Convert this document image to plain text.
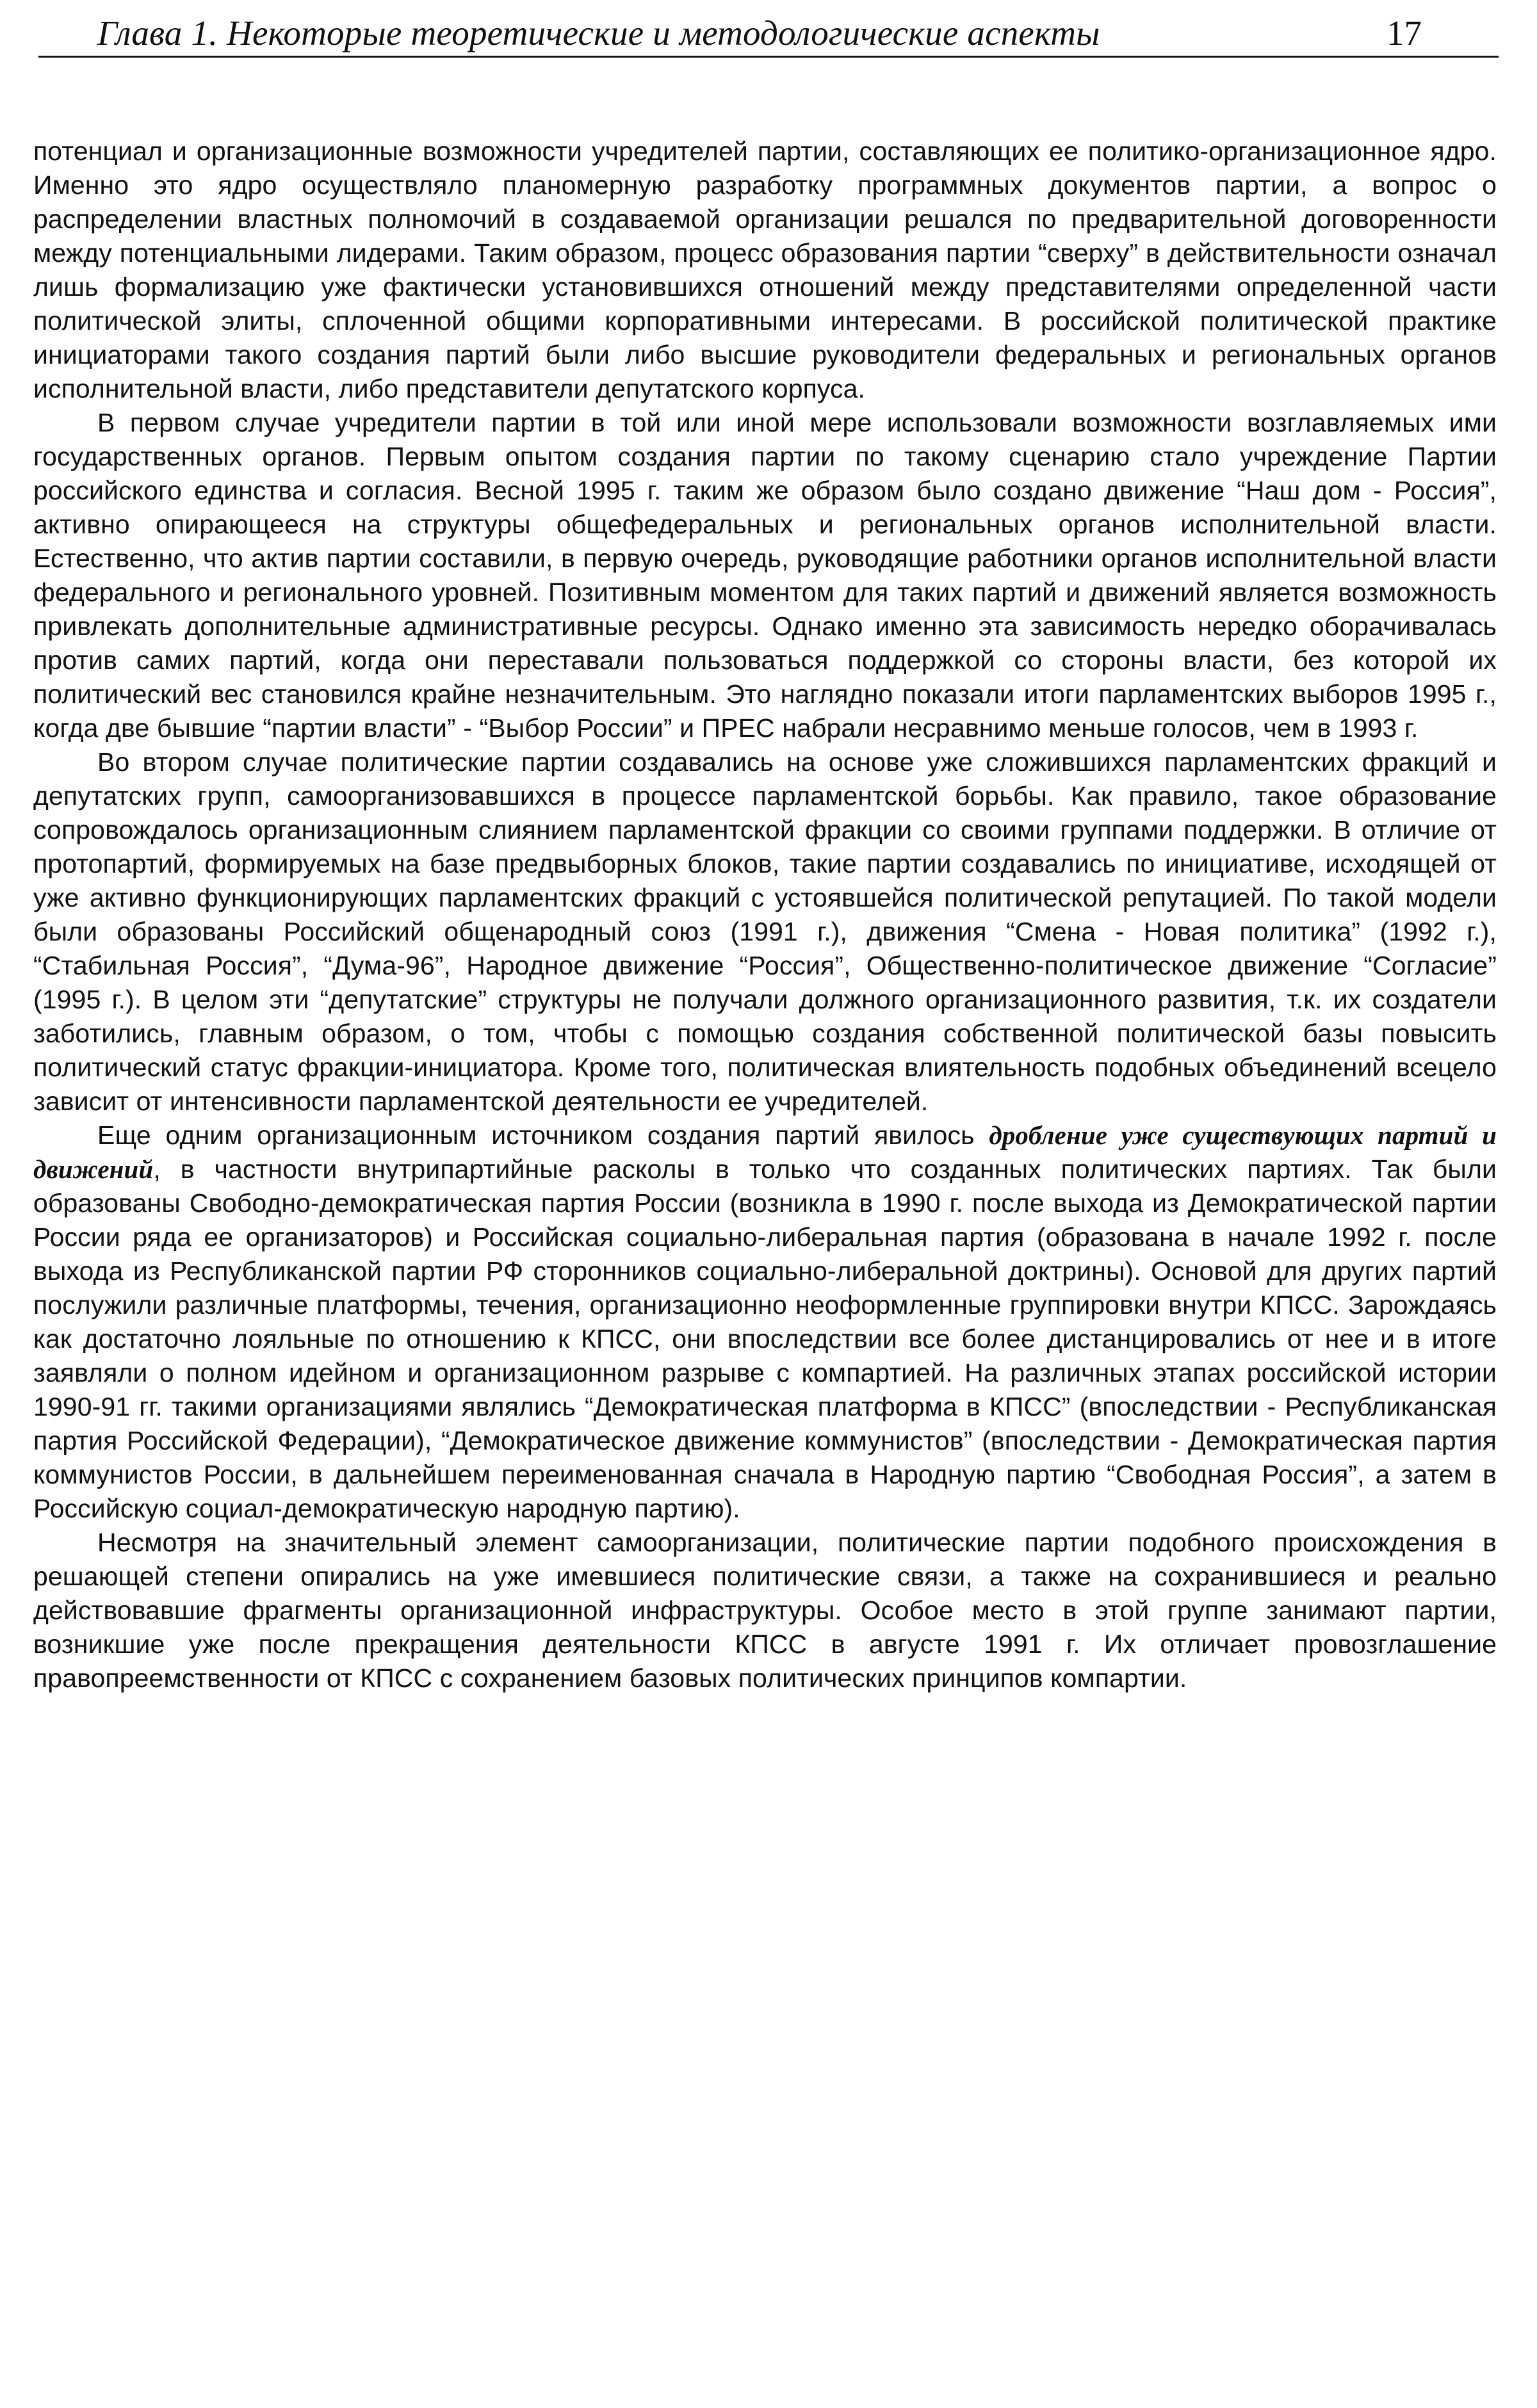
Глава 1. Некоторые теоретические и методологические аспекты	17

потенциал и организационные возможности учредителей партии, составляющих ее политико-организационное ядро. Именно это ядро осуществляло планомерную разработку программных документов партии, а вопрос о распределении властных полномочий в создаваемой организации решался по предварительной договоренности между потенциальными лидерами. Таким образом, процесс образования партии “сверху” в действительности означал лишь формализацию уже фактически установившихся отношений между представителями определенной части политической элиты, сплоченной общими корпоративными интересами. В российской политической практике инициаторами такого создания партий были либо высшие руководители федеральных и региональных органов исполнительной власти, либо представители депутатского корпуса.

В первом случае учредители партии в той или иной мере использовали возможности возглавляемых ими государственных органов. Первым опытом создания партии по такому сценарию стало учреждение Партии российского единства и согласия. Весной 1995 г. таким же образом было создано движение “Наш дом - Россия”, активно опирающееся на структуры общефедеральных и региональных органов исполнительной власти. Естественно, что актив партии составили, в первую очередь, руководящие работники органов исполнительной власти федерального и регионального уровней. Позитивным моментом для таких партий и движений является возможность привлекать дополнительные административные ресурсы. Однако именно эта зависимость нередко оборачивалась против самих партий, когда они переставали пользоваться поддержкой со стороны власти, без которой их политический вес становился крайне незначительным. Это наглядно показали итоги парламентских выборов 1995 г., когда две бывшие “партии власти” - “Выбор России” и ПРЕС набрали несравнимо меньше голосов, чем в 1993 г.

Во втором случае политические партии создавались на основе уже сложившихся парламентских фракций и депутатских групп, самоорганизовавшихся в процессе парламентской борьбы. Как правило, такое образование сопровождалось организационным слиянием парламентской фракции со своими группами поддержки. В отличие от протопартий, формируемых на базе предвыборных блоков, такие партии создавались по инициативе, исходящей от уже активно функционирующих парламентских фракций с устоявшейся политической репутацией. По такой модели были образованы Российский общенародный союз (1991 г.), движения “Смена - Новая политика” (1992 г.), “Стабильная Россия”, “Дума-96”, Народное движение “Россия”, Общественно-политическое движение “Согласие” (1995 г.). В целом эти “депутатские” структуры не получали должного организационного развития, т.к. их создатели заботились, главным образом, о том, чтобы с помощью создания собственной политической базы повысить политический статус фракции-инициатора. Кроме того, политическая влиятельность подобных объединений всецело зависит от интенсивности парламентской деятельности ее учредителей.

Еще одним организационным источником создания партий явилось дробление уже существующих партий и движений, в частности внутрипартийные расколы в только что созданных политических партиях. Так были образованы Свободно-демократическая партия России (возникла в 1990 г. после выхода из Демократической партии России ряда ее организаторов) и Российская социально-либеральная партия (образована в начале 1992 г. после выхода из Республиканской партии РФ сторонников социально-либеральной доктрины). Основой для других партий послужили различные платформы, течения, организационно неоформленные группировки внутри КПСС. Зарождаясь как достаточно лояльные по отношению к КПСС, они впоследствии все более дистанцировались от нее и в итоге заявляли о полном идейном и организационном разрыве с компартией. На различных этапах российской истории 1990-91 гг. такими организациями являлись “Демократическая платформа в КПСС” (впоследствии - Республиканская партия Российской Федерации), “Демократическое движение коммунистов” (впоследствии - Демократическая партия коммунистов России, в дальнейшем переименованная сначала в Народную партию “Свободная Россия”, а затем в Российскую социал-демократическую народную партию).

Несмотря на значительный элемент самоорганизации, политические партии подобного происхождения в решающей степени опирались на уже имевшиеся политические связи, а также на сохранившиеся и реально действовавшие фрагменты организационной инфраструктуры. Особое место в этой группе занимают партии, возникшие уже после прекращения деятельности КПСС в августе 1991 г. Их отличает провозглашение правопреемственности от КПСС с сохранением базовых политических принципов компартии.
